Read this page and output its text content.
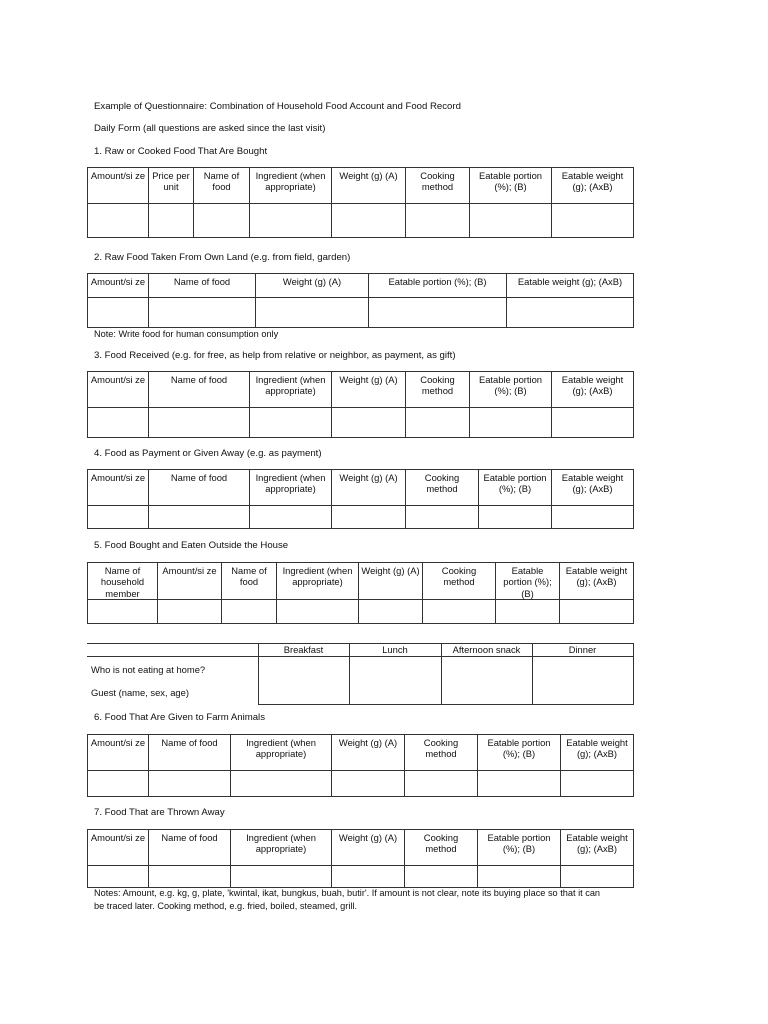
Example of Questionnaire: Combination of Household Food Account and Food Record
Daily Form (all questions are asked since the last visit)
1. Raw or Cooked Food That Are Bought
Amount/si ze	Price per unit	Name of food	Ingredient (when appropriate)	Weight (g) (A)	Cooking method	Eatable portion (%); (B)	Eatable weight (g); (AxB)

2. Raw Food Taken From Own Land (e.g. from field, garden)
Amount/si ze	Name of food	Weight (g) (A)	Eatable portion (%); (B)	Eatable weight (g); (AxB)

Note: Write food for human consumption only
3. Food Received (e.g. for free, as help from relative or neighbor, as payment, as gift)
Amount/si ze	Name of food	Ingredient (when appropriate)	Weight (g) (A)	Cooking method	Eatable portion (%); (B)	Eatable weight (g); (AxB)

4. Food as Payment or Given Away (e.g. as payment)
Amount/si ze	Name of food	Ingredient (when appropriate)	Weight (g) (A)	Cooking method	Eatable portion (%); (B)	Eatable weight (g); (AxB)

5. Food Bought and Eaten Outside the House
Name of household member	Amount/si ze	Name of food	Ingredient (when appropriate)	Weight (g) (A)	Cooking method	Eatable portion (%); (B)	Eatable weight (g); (AxB)

	Breakfast	Lunch	Afternoon snack	Dinner

Who is not eating at home?
Guest (name, sex, age)				

6. Food That Are Given to Farm Animals
Amount/si ze	Name of food	Ingredient (when appropriate)	Weight (g) (A)	Cooking method	Eatable portion (%); (B)	Eatable weight (g); (AxB)

7. Food That are Thrown Away
Amount/si ze	Name of food	Ingredient (when appropriate)	Weight (g) (A)	Cooking method	Eatable portion (%); (B)	Eatable weight (g); (AxB)

Notes: Amount, e.g. kg, g, plate, 'kwintal, ikat, bungkus, buah, butir'. If amount is not clear, note its buying place so that it can
be traced later. Cooking method, e.g. fried, boiled, steamed, grill.
